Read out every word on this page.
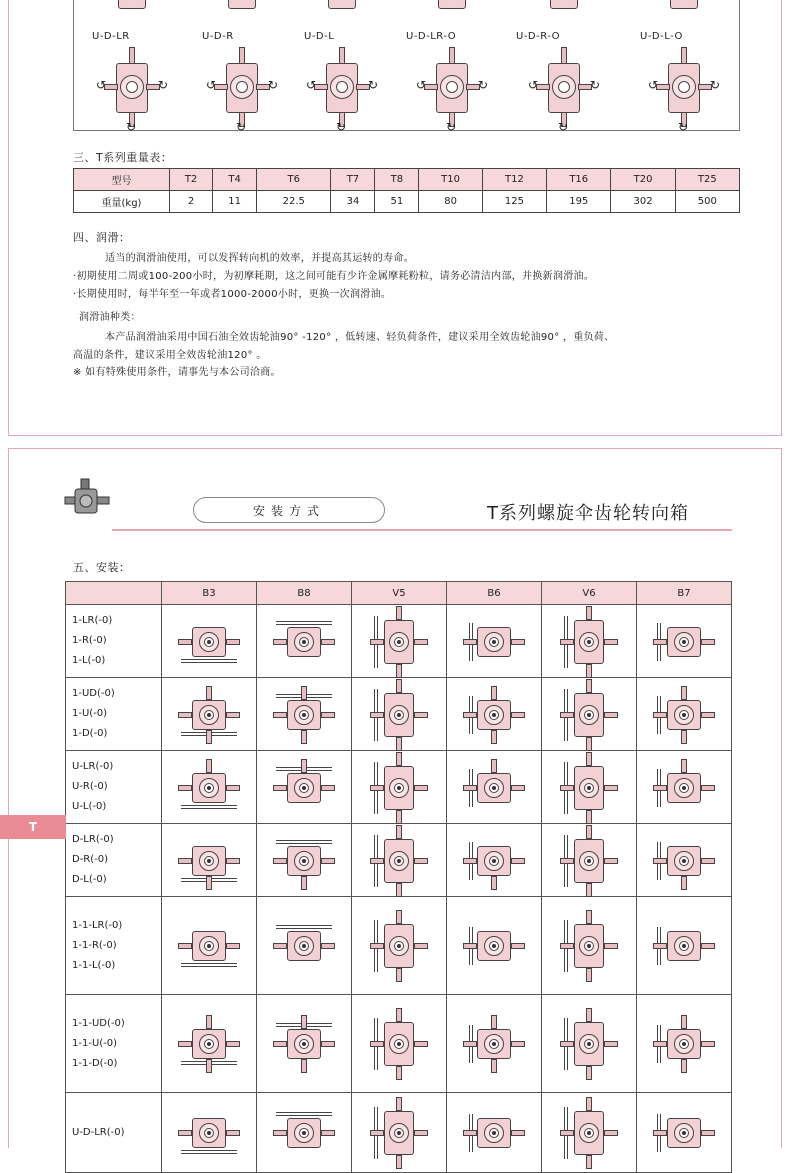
U-D-LR
↺	↻
↻
U-D-R
↺	↻
↻
U-D-L
↺	↻
↻
U-D-LR-O
↺	↻
↻
U-D-R-O
↺	↻
↻
U-D-L-O
↺	↻
↻
三、T系列重量表：
型号	T2	T4	T6	T7	T8	T10	T12	T16	T20	T25
重量(kg)	2	11	22.5	34	51	80	125	195	302	500
四、润滑：
适当的润滑油使用，可以发挥转向机的效率，并提高其运转的寿命。
·初期使用二周或100-200小时，为初摩耗期，这之间可能有少许金属摩耗粉粒，请务必清洁内部，并换新润滑油。
·长期使用时，每半年至一年或者1000-2000小时，更换一次润滑油。
润滑油种类：
本产品润滑油采用中国石油全效齿轮油90° -120° ，低转速、轻负荷条件，建议采用全效齿轮油90° ，重负荷、
高温的条件，建议采用全效齿轮油120° 。
※ 如有特殊使用条件，请事先与本公司洽商。
安装方式	T系列螺旋伞齿轮转向箱
五、安装：
	B3	B8	V5	B6	V6	B7

1-LR(-0)
1-R(-0)
1-L(-0)						

1-UD(-0)
1-U(-0)
1-D(-0)						

U-LR(-0)
U-R(-0)
U-L(-0)						

D-LR(-0)
D-R(-0)
D-L(-0)						

1-1-LR(-0)
1-1-R(-0)
1-1-L(-0)						

1-1-UD(-0)
1-1-U(-0)
1-1-D(-0)						

U-D-LR(-0)						

T
